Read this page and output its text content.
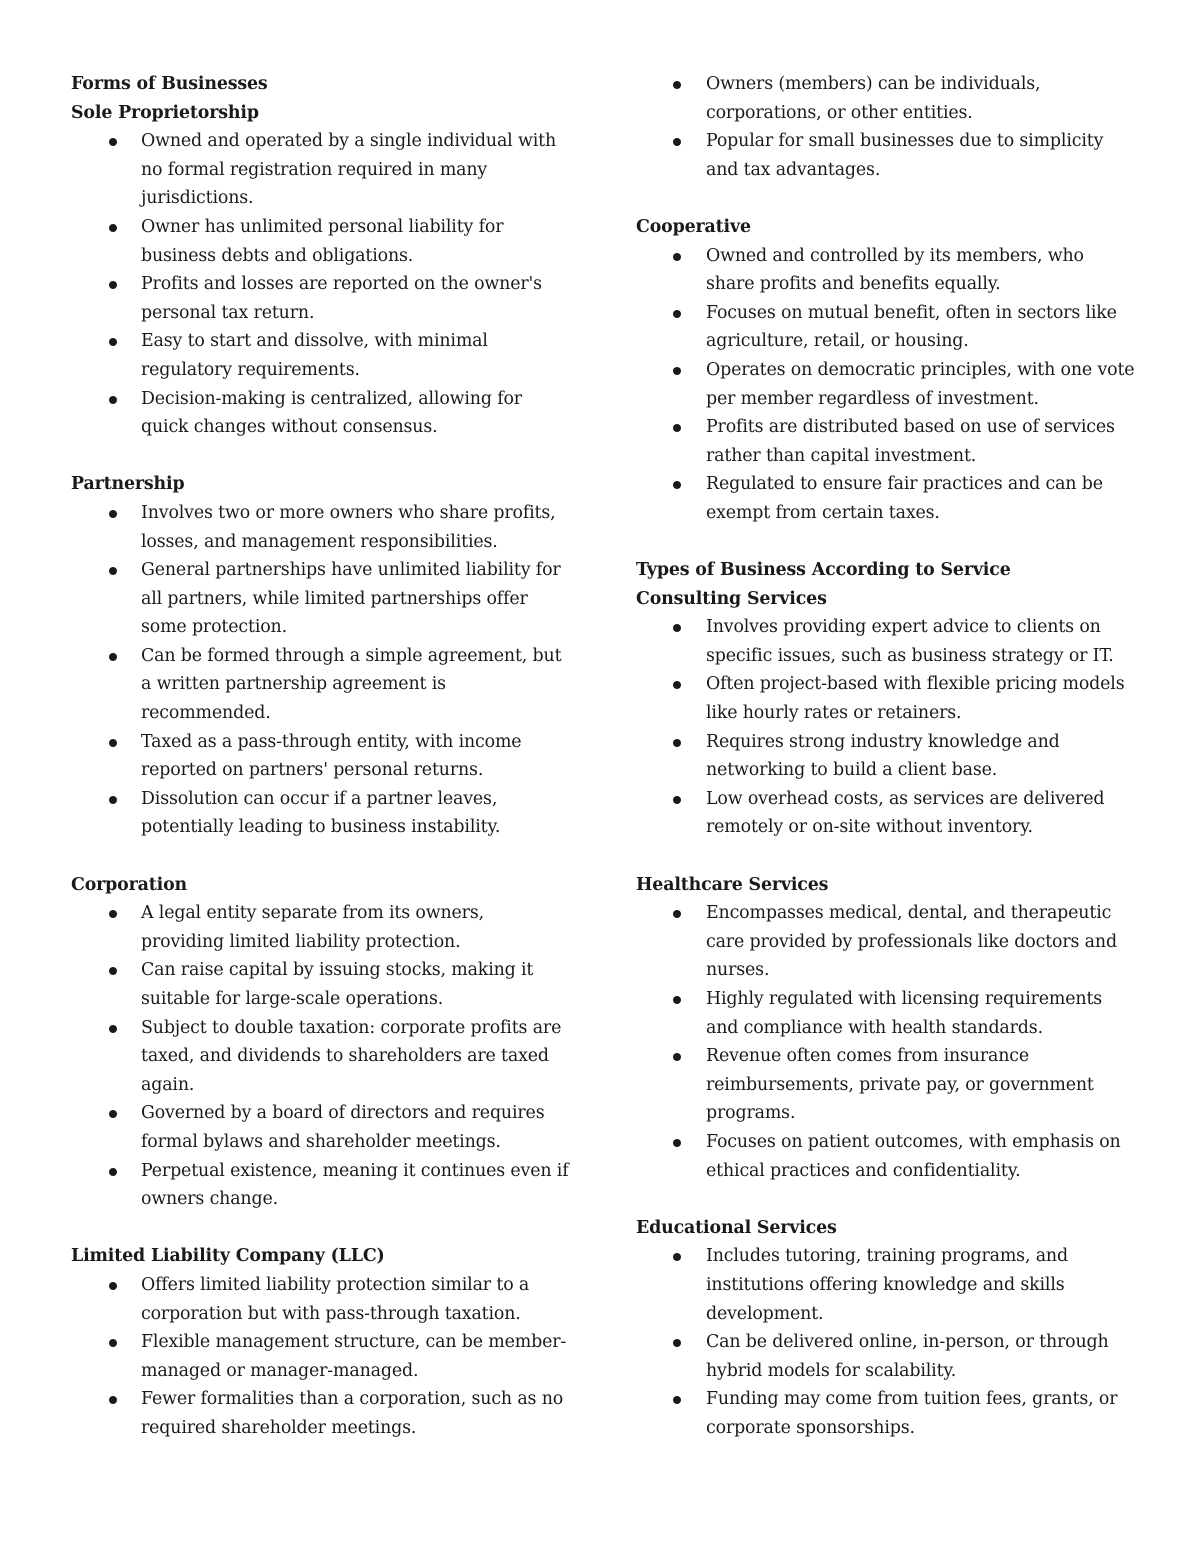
Forms of Businesses

Sole Proprietorship

Owned and operated by a single individual with no formal registration required in many jurisdictions.
Owner has unlimited personal liability for business debts and obligations.
Profits and losses are reported on the owner's personal tax return.
Easy to start and dissolve, with minimal regulatory requirements.
Decision-making is centralized, allowing for quick changes without consensus.

Partnership

Involves two or more owners who share profits, losses, and management responsibilities.
General partnerships have unlimited liability for all partners, while limited partnerships offer some protection.
Can be formed through a simple agreement, but a written partnership agreement is recommended.
Taxed as a pass-through entity, with income reported on partners' personal returns.
Dissolution can occur if a partner leaves, potentially leading to business instability.

Corporation

A legal entity separate from its owners, providing limited liability protection.
Can raise capital by issuing stocks, making it suitable for large-scale operations.
Subject to double taxation: corporate profits are taxed, and dividends to shareholders are taxed again.
Governed by a board of directors and requires formal bylaws and shareholder meetings.
Perpetual existence, meaning it continues even if owners change.

Limited Liability Company (LLC)

Offers limited liability protection similar to a corporation but with pass-through taxation.
Flexible management structure, can be member-managed or manager-managed.
Fewer formalities than a corporation, such as no required shareholder meetings.
Owners (members) can be individuals, corporations, or other entities.
Popular for small businesses due to simplicity and tax advantages.

Cooperative

Owned and controlled by its members, who share profits and benefits equally.
Focuses on mutual benefit, often in sectors like agriculture, retail, or housing.
Operates on democratic principles, with one vote per member regardless of investment.
Profits are distributed based on use of services rather than capital investment.
Regulated to ensure fair practices and can be exempt from certain taxes.

Types of Business According to Service

Consulting Services

Involves providing expert advice to clients on specific issues, such as business strategy or IT.
Often project-based with flexible pricing models like hourly rates or retainers.
Requires strong industry knowledge and networking to build a client base.
Low overhead costs, as services are delivered remotely or on-site without inventory.

Healthcare Services

Encompasses medical, dental, and therapeutic care provided by professionals like doctors and nurses.
Highly regulated with licensing requirements and compliance with health standards.
Revenue often comes from insurance reimbursements, private pay, or government programs.
Focuses on patient outcomes, with emphasis on ethical practices and confidentiality.

Educational Services

Includes tutoring, training programs, and institutions offering knowledge and skills development.
Can be delivered online, in-person, or through hybrid models for scalability.
Funding may come from tuition fees, grants, or corporate sponsorships.
